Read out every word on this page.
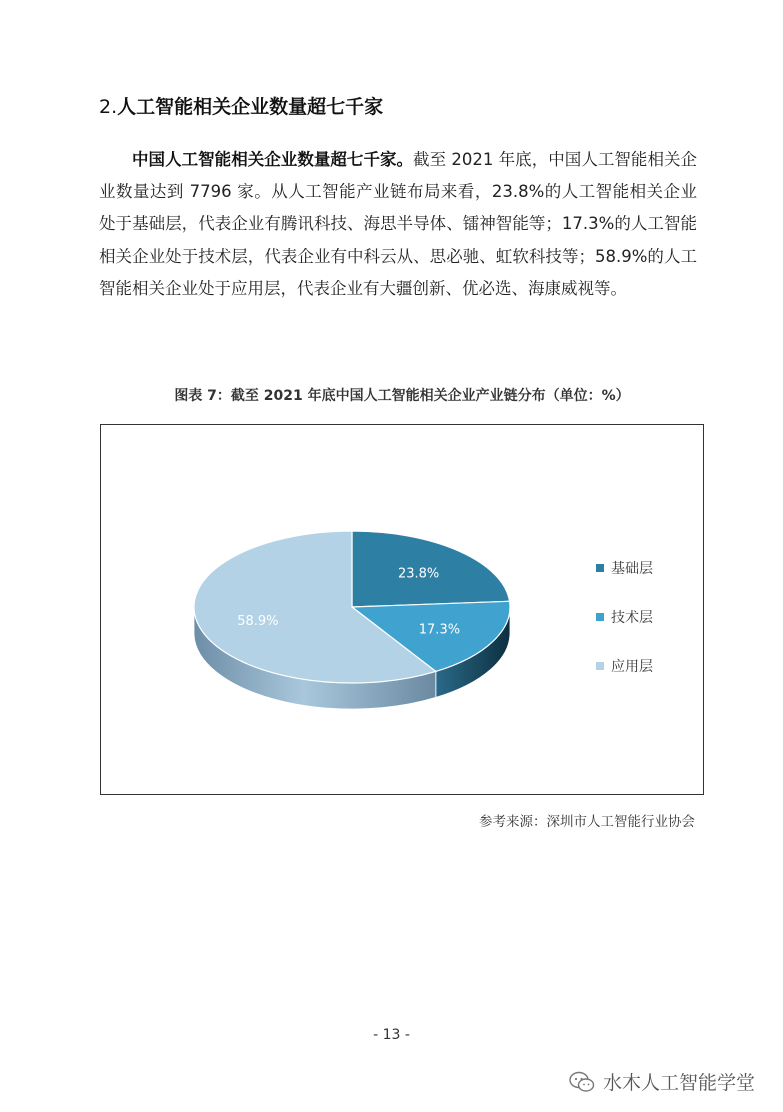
2.人工智能相关企业数量超七千家

中国人工智能相关企业数量超七千家。截至 2021 年底，中国人工智能相关企业数量达到 7796 家。从人工智能产业链布局来看，23.8%的人工智能相关企业处于基础层，代表企业有腾讯科技、海思半导体、镭神智能等；17.3%的人工智能相关企业处于技术层，代表企业有中科云从、思必驰、虹软科技等；58.9%的人工智能相关企业处于应用层，代表企业有大疆创新、优必选、海康威视等。

图表 7：截至 2021 年底中国人工智能相关企业产业链分布（单位：%）
23.8%
17.3%
58.9%
基础层
技术层
应用层
参考来源：深圳市人工智能行业协会
- 13 -
水木人工智能学堂
